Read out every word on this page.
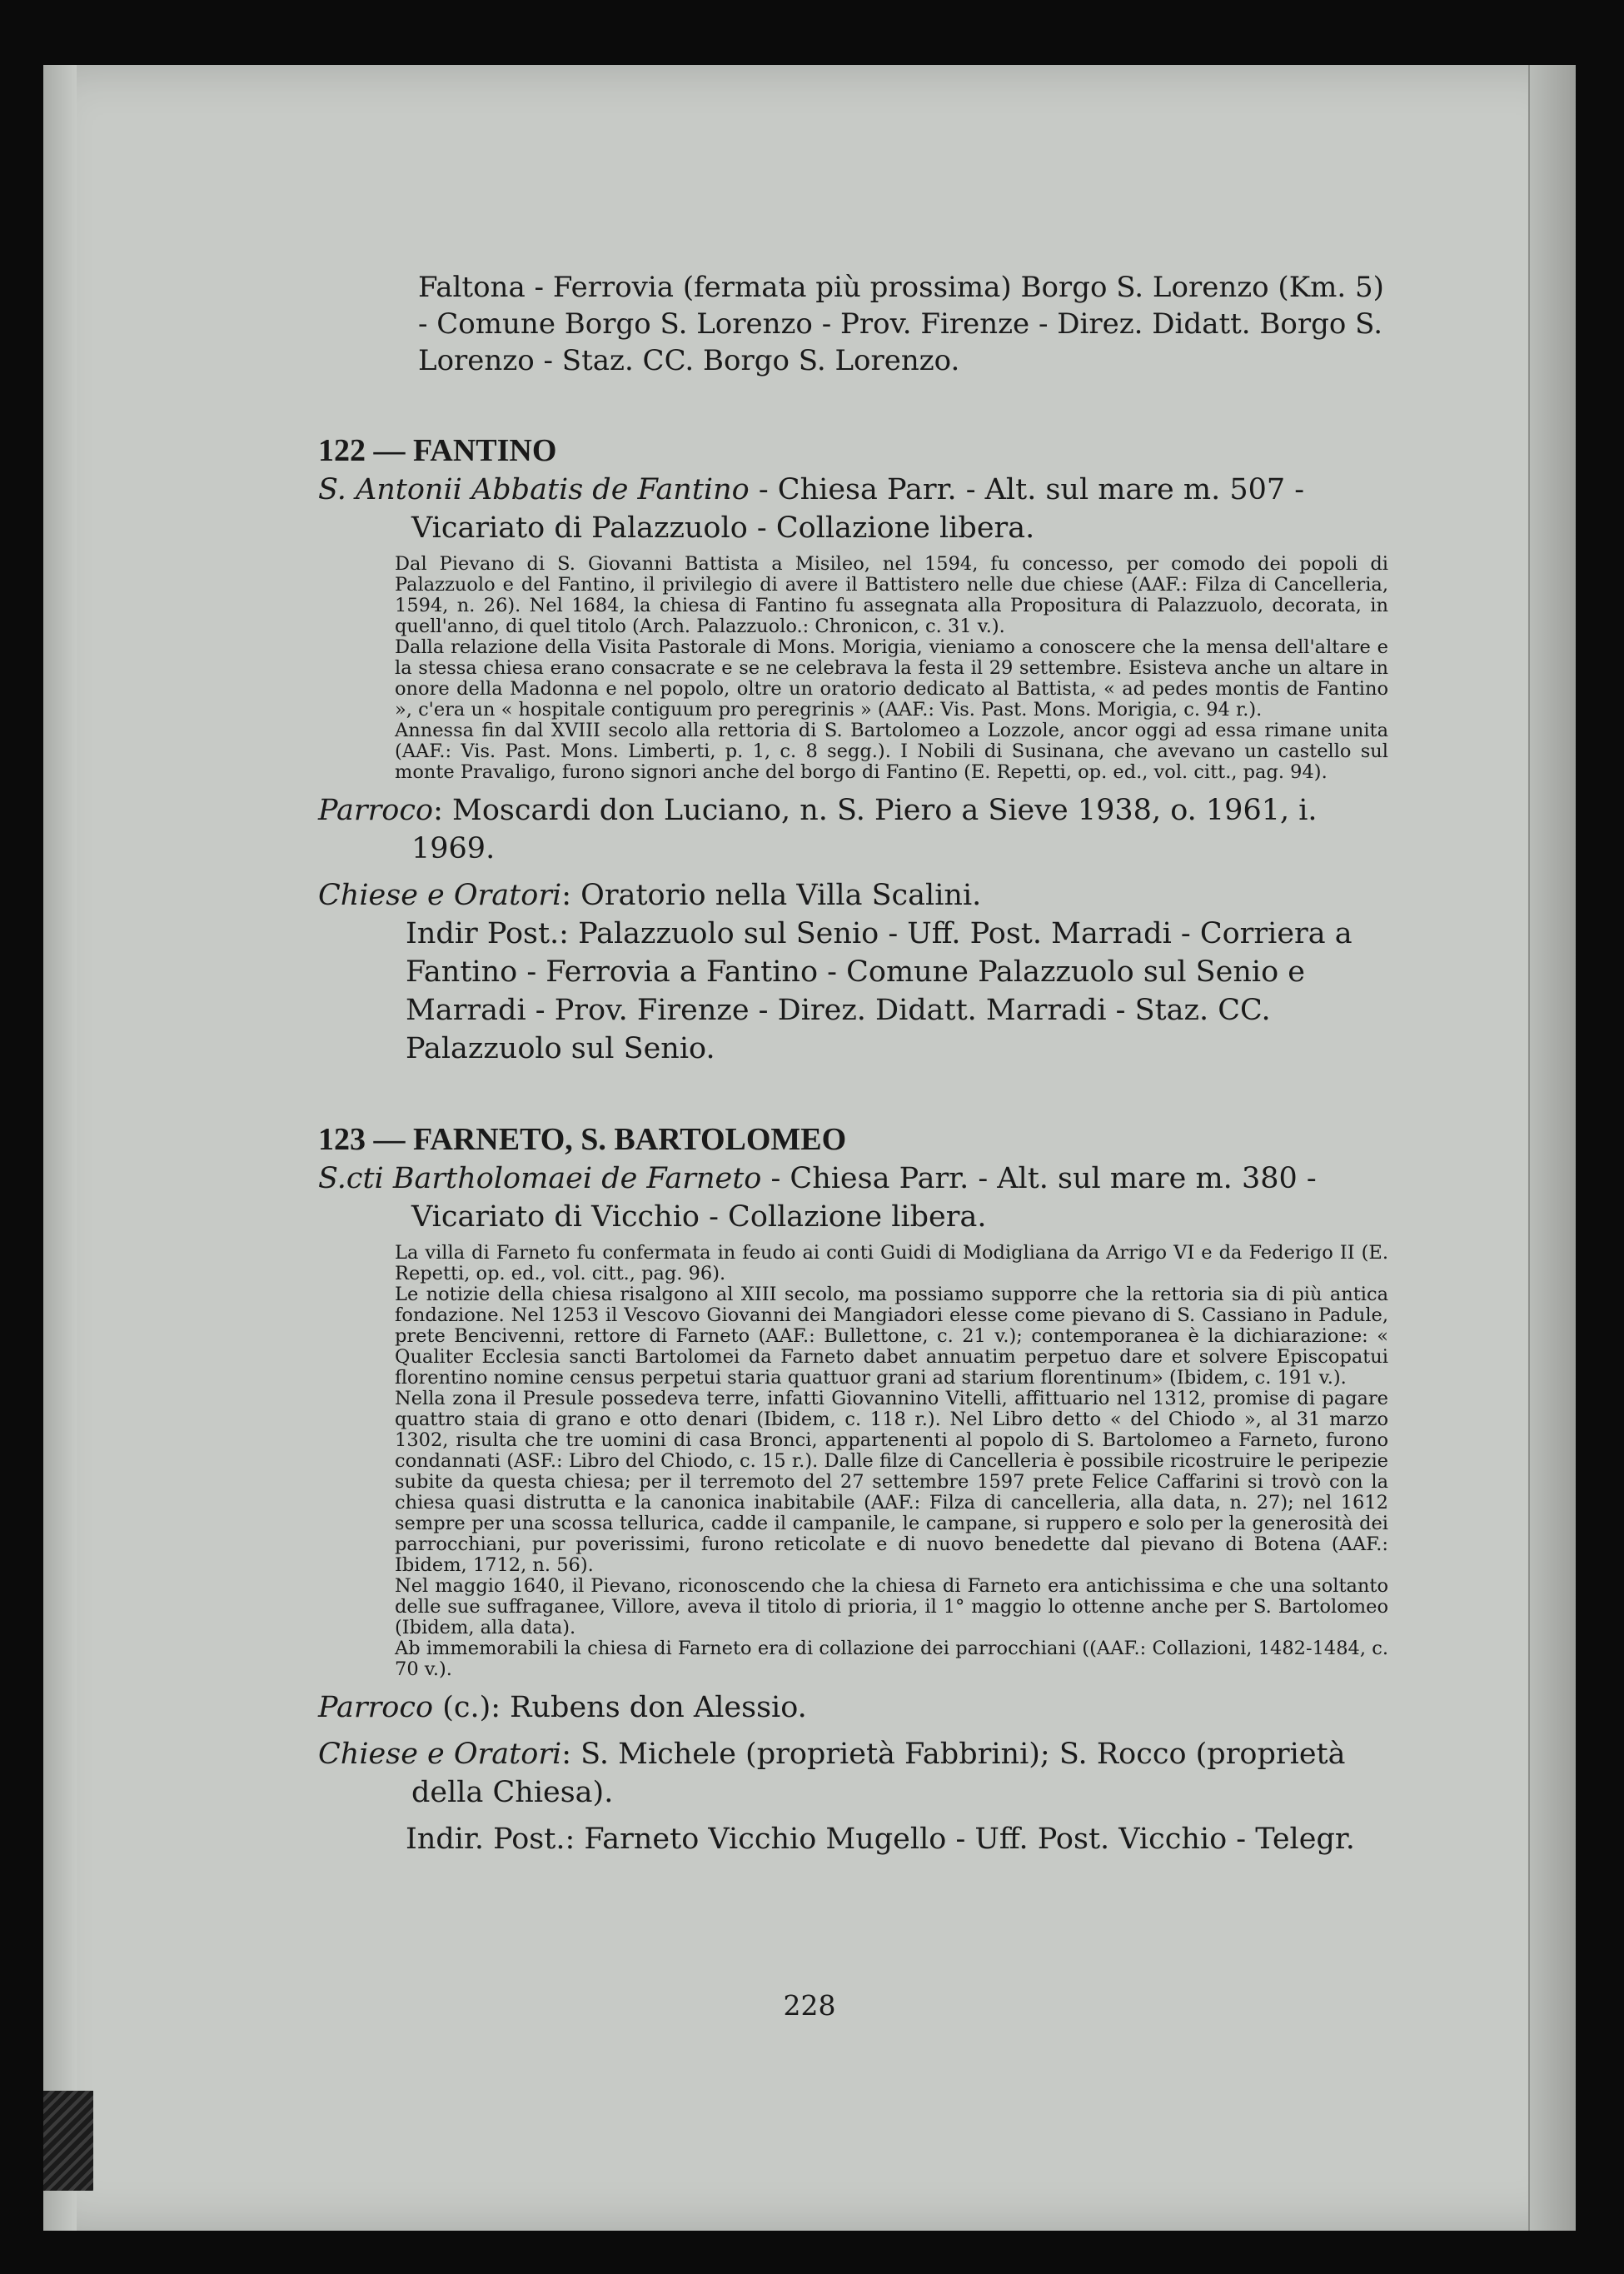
Faltona - Ferrovia (fermata più prossima) Borgo S. Lorenzo (Km. 5) - Comune Borgo S. Lorenzo - Prov. Firenze - Direz. Didatt. Borgo S. Lorenzo - Staz. CC. Borgo S. Lorenzo.

122 — FANTINO

S. Antonii Abbatis de Fantino - Chiesa Parr. - Alt. sul mare m. 507 - Vicariato di Palazzuolo - Collazione libera.

Dal Pievano di S. Giovanni Battista a Misileo, nel 1594, fu concesso, per comodo dei popoli di Palazzuolo e del Fantino, il privilegio di avere il Battistero nelle due chiese (AAF.: Filza di Cancelleria, 1594, n. 26). Nel 1684, la chiesa di Fantino fu assegnata alla Propositura di Palazzuolo, decorata, in quell'anno, di quel titolo (Arch. Palazzuolo.: Chronicon, c. 31 v.).

Dalla relazione della Visita Pastorale di Mons. Morigia, vieniamo a conoscere che la mensa dell'altare e la stessa chiesa erano consacrate e se ne celebrava la festa il 29 settembre. Esisteva anche un altare in onore della Madonna e nel popolo, oltre un oratorio dedicato al Battista, « ad pedes montis de Fantino », c'era un « hospitale contiguum pro peregrinis » (AAF.: Vis. Past. Mons. Morigia, c. 94 r.).

Annessa fin dal XVIII secolo alla rettoria di S. Bartolomeo a Lozzole, ancor oggi ad essa rimane unita (AAF.: Vis. Past. Mons. Limberti, p. 1, c. 8 segg.). I Nobili di Susinana, che avevano un castello sul monte Pravaligo, furono signori anche del borgo di Fantino (E. Repetti, op. ed., vol. citt., pag. 94).

Parroco: Moscardi don Luciano, n. S. Piero a Sieve 1938, o. 1961, i. 1969.

Chiese e Oratori: Oratorio nella Villa Scalini.

Indir Post.: Palazzuolo sul Senio - Uff. Post. Marradi - Corriera a Fantino - Ferrovia a Fantino - Comune Palazzuolo sul Senio e Marradi - Prov. Firenze - Direz. Didatt. Marradi - Staz. CC. Palazzuolo sul Senio.

123 — FARNETO, S. BARTOLOMEO

S.cti Bartholomaei de Farneto - Chiesa Parr. - Alt. sul mare m. 380 - Vicariato di Vicchio - Collazione libera.

La villa di Farneto fu confermata in feudo ai conti Guidi di Modigliana da Arrigo VI e da Federigo II (E. Repetti, op. ed., vol. citt., pag. 96).

Le notizie della chiesa risalgono al XIII secolo, ma possiamo supporre che la rettoria sia di più antica fondazione. Nel 1253 il Vescovo Giovanni dei Mangiadori elesse come pievano di S. Cassiano in Padule, prete Bencivenni, rettore di Farneto (AAF.: Bullettone, c. 21 v.); contemporanea è la dichiarazione: « Qualiter Ecclesia sancti Bartolomei da Farneto dabet annuatim perpetuo dare et solvere Episcopatui florentino nomine census perpetui staria quattuor grani ad starium florentinum» (Ibidem, c. 191 v.).

Nella zona il Presule possedeva terre, infatti Giovannino Vitelli, affittuario nel 1312, promise di pagare quattro staia di grano e otto denari (Ibidem, c. 118 r.). Nel Libro detto « del Chiodo », al 31 marzo 1302, risulta che tre uomini di casa Bronci, appartenenti al popolo di S. Bartolomeo a Farneto, furono condannati (ASF.: Libro del Chiodo, c. 15 r.). Dalle filze di Cancelleria è possibile ricostruire le peripezie subite da questa chiesa; per il terremoto del 27 settembre 1597 prete Felice Caffarini si trovò con la chiesa quasi distrutta e la canonica inabitabile (AAF.: Filza di cancelleria, alla data, n. 27); nel 1612 sempre per una scossa tellurica, cadde il campanile, le campane, si ruppero e solo per la generosità dei parrocchiani, pur poverissimi, furono reticolate e di nuovo benedette dal pievano di Botena (AAF.: Ibidem, 1712, n. 56).

Nel maggio 1640, il Pievano, riconoscendo che la chiesa di Farneto era antichissima e che una soltanto delle sue suffraganee, Villore, aveva il titolo di prioria, il 1° maggio lo ottenne anche per S. Bartolomeo (Ibidem, alla data).

Ab immemorabili la chiesa di Farneto era di collazione dei parrocchiani ((AAF.: Collazioni, 1482-1484, c. 70 v.).

Parroco (c.): Rubens don Alessio.

Chiese e Oratori: S. Michele (proprietà Fabbrini); S. Rocco (proprietà della Chiesa).

Indir. Post.: Farneto Vicchio Mugello - Uff. Post. Vicchio - Telegr.

228
